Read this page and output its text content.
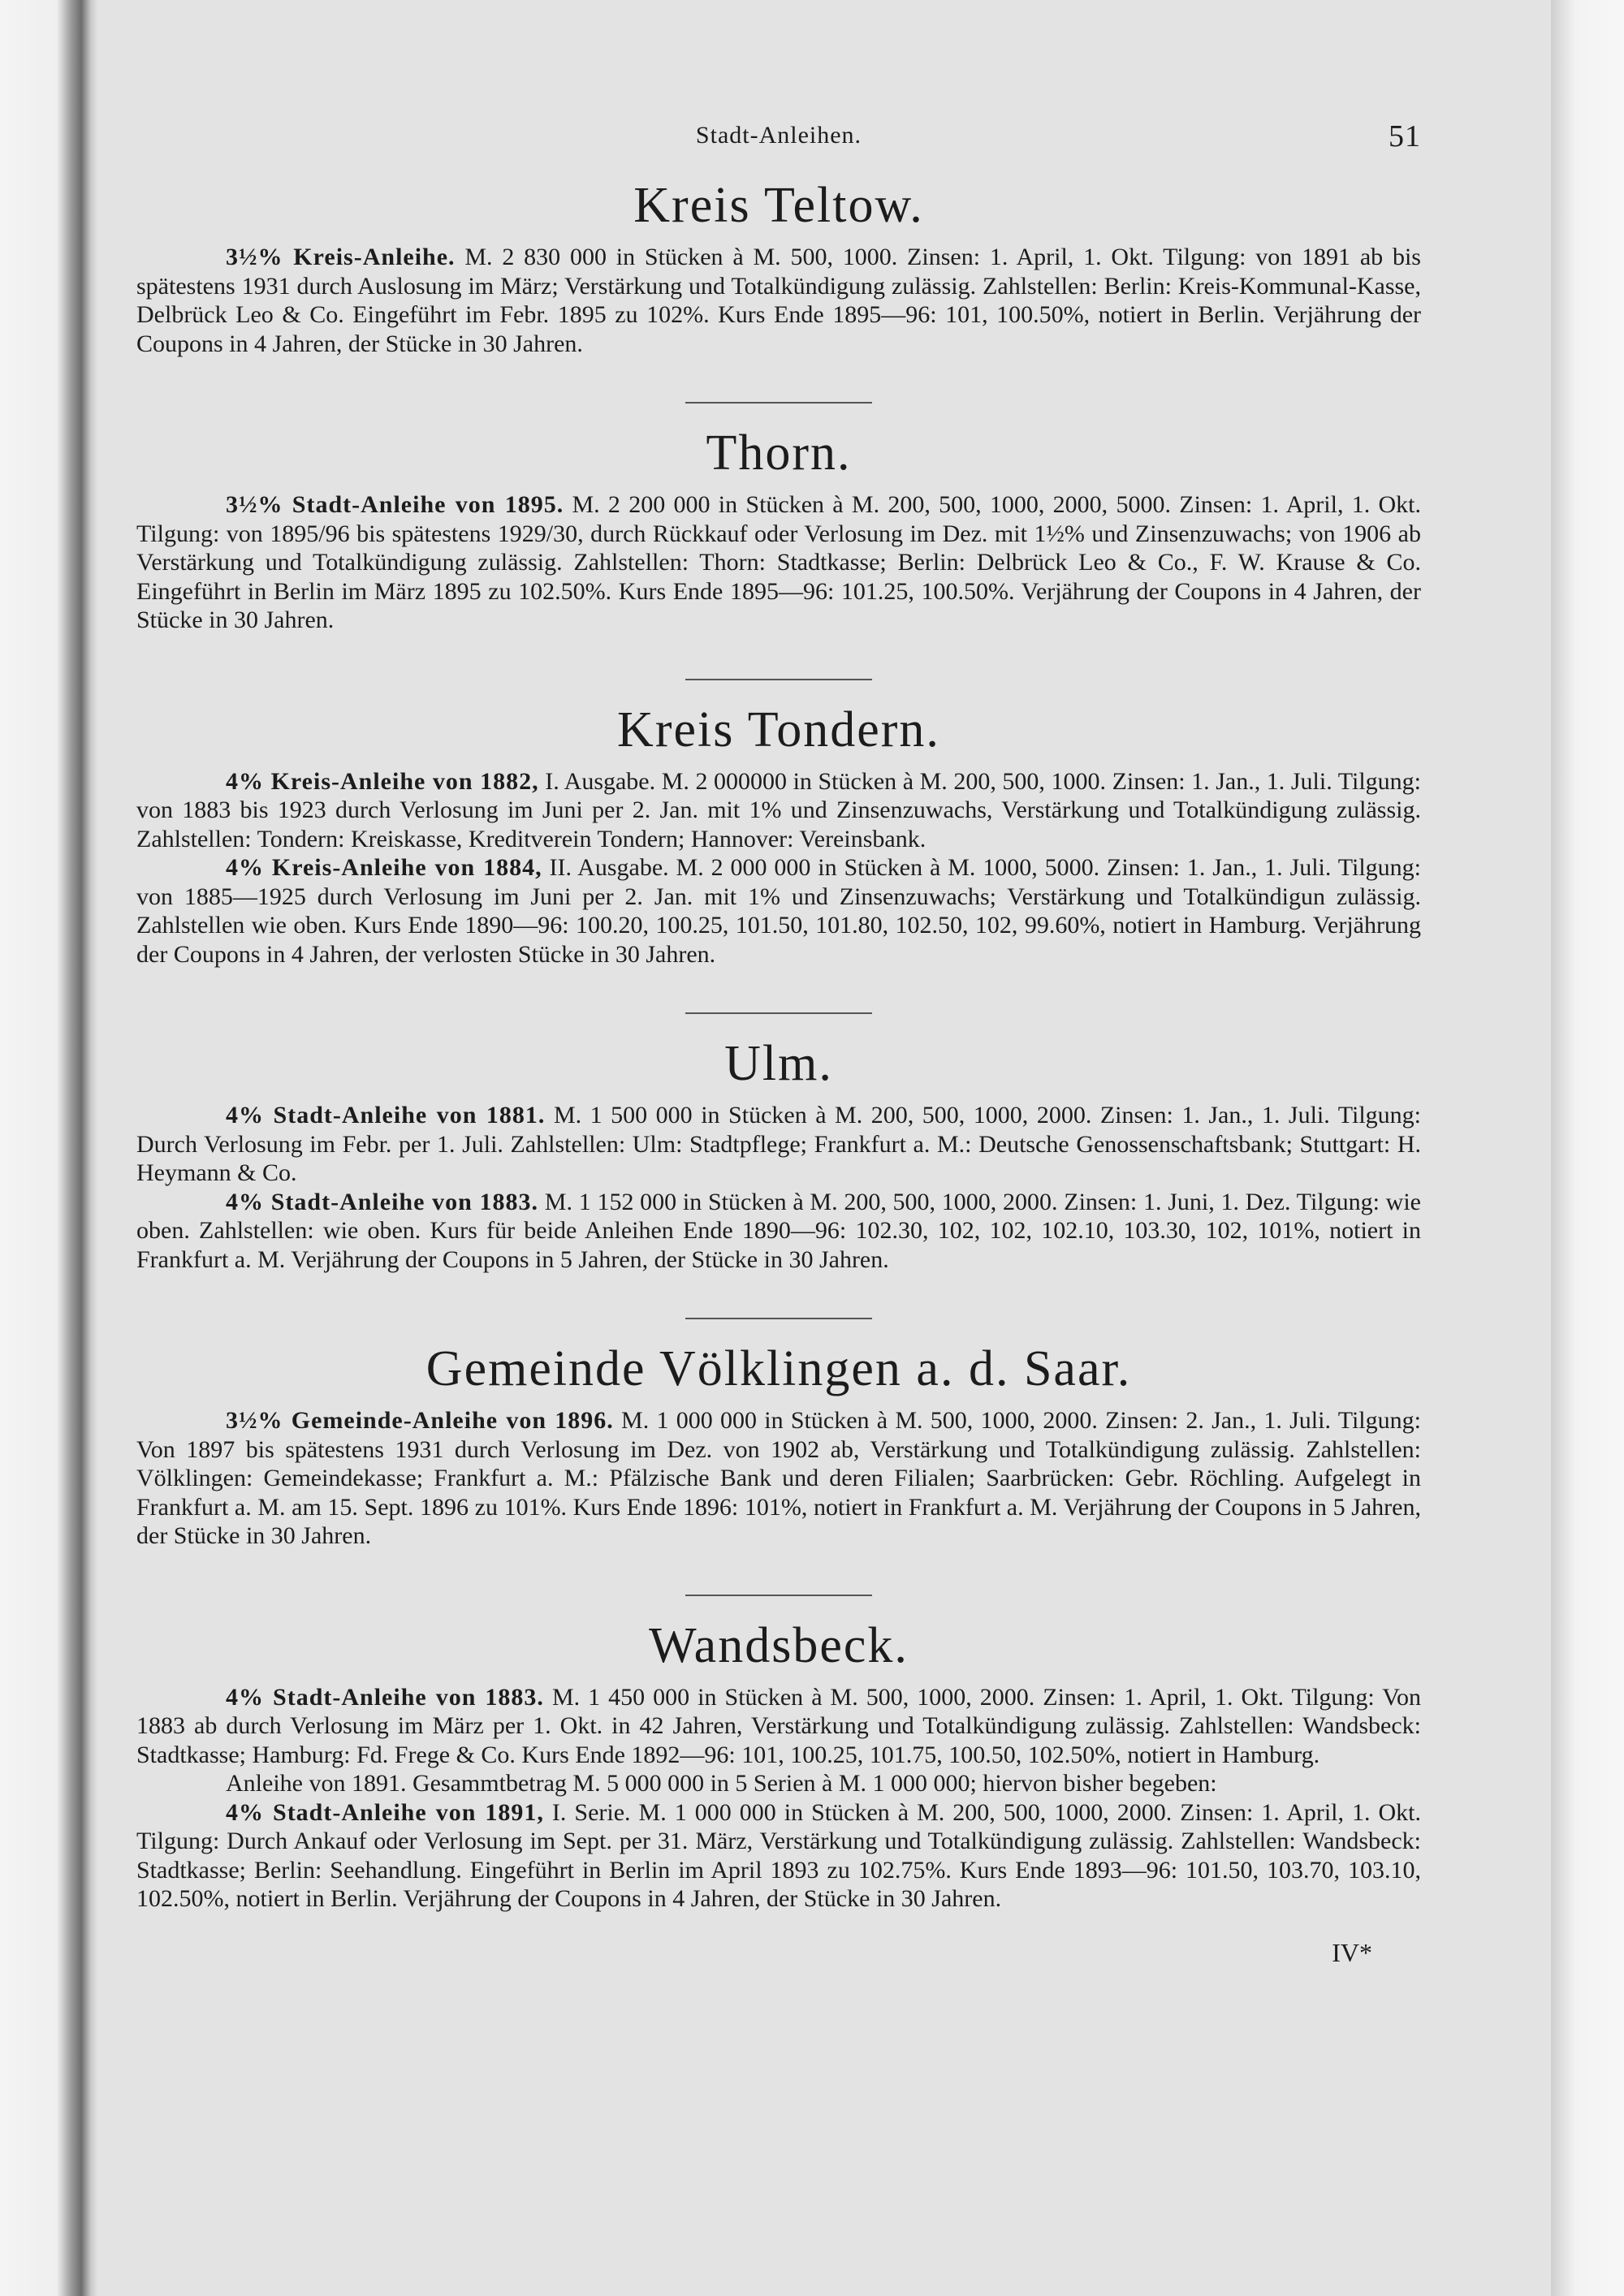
Stadt-Anleihen.	51
Kreis Teltow.

3½% Kreis-Anleihe. M. 2 830 000 in Stücken à M. 500, 1000. Zinsen: 1. April, 1. Okt. Tilgung: von 1891 ab bis spätestens 1931 durch Auslosung im März; Verstärkung und Totalkündigung zulässig. Zahlstellen: Berlin: Kreis-Kommunal-Kasse, Delbrück Leo & Co. Eingeführt im Febr. 1895 zu 102%. Kurs Ende 1895—96: 101, 100.50%, notiert in Berlin. Verjährung der Coupons in 4 Jahren, der Stücke in 30 Jahren.

Thorn.

3½% Stadt-Anleihe von 1895. M. 2 200 000 in Stücken à M. 200, 500, 1000, 2000, 5000. Zinsen: 1. April, 1. Okt. Tilgung: von 1895/96 bis spätestens 1929/30, durch Rückkauf oder Verlosung im Dez. mit 1½% und Zinsenzuwachs; von 1906 ab Verstärkung und Totalkündigung zulässig. Zahlstellen: Thorn: Stadtkasse; Berlin: Delbrück Leo & Co., F. W. Krause & Co. Eingeführt in Berlin im März 1895 zu 102.50%. Kurs Ende 1895—96: 101.25, 100.50%. Verjährung der Coupons in 4 Jahren, der Stücke in 30 Jahren.

Kreis Tondern.

4% Kreis-Anleihe von 1882, I. Ausgabe. M. 2 000000 in Stücken à M. 200, 500, 1000. Zinsen: 1. Jan., 1. Juli. Tilgung: von 1883 bis 1923 durch Verlosung im Juni per 2. Jan. mit 1% und Zinsenzuwachs, Verstärkung und Totalkündigung zulässig. Zahlstellen: Tondern: Kreiskasse, Kreditverein Tondern; Hannover: Vereinsbank.

4% Kreis-Anleihe von 1884, II. Ausgabe. M. 2 000 000 in Stücken à M. 1000, 5000. Zinsen: 1. Jan., 1. Juli. Tilgung: von 1885—1925 durch Verlosung im Juni per 2. Jan. mit 1% und Zinsenzuwachs; Verstärkung und Totalkündigun zulässig. Zahlstellen wie oben. Kurs Ende 1890—96: 100.20, 100.25, 101.50, 101.80, 102.50, 102, 99.60%, notiert in Hamburg. Verjährung der Coupons in 4 Jahren, der verlosten Stücke in 30 Jahren.

Ulm.

4% Stadt-Anleihe von 1881. M. 1 500 000 in Stücken à M. 200, 500, 1000, 2000. Zinsen: 1. Jan., 1. Juli. Tilgung: Durch Verlosung im Febr. per 1. Juli. Zahlstellen: Ulm: Stadtpflege; Frankfurt a. M.: Deutsche Genossenschaftsbank; Stuttgart: H. Heymann & Co.

4% Stadt-Anleihe von 1883. M. 1 152 000 in Stücken à M. 200, 500, 1000, 2000. Zinsen: 1. Juni, 1. Dez. Tilgung: wie oben. Zahlstellen: wie oben. Kurs für beide Anleihen Ende 1890—96: 102.30, 102, 102, 102.10, 103.30, 102, 101%, notiert in Frankfurt a. M. Verjährung der Coupons in 5 Jahren, der Stücke in 30 Jahren.

Gemeinde Völklingen a. d. Saar.

3½% Gemeinde-Anleihe von 1896. M. 1 000 000 in Stücken à M. 500, 1000, 2000. Zinsen: 2. Jan., 1. Juli. Tilgung: Von 1897 bis spätestens 1931 durch Verlosung im Dez. von 1902 ab, Verstärkung und Totalkündigung zulässig. Zahlstellen: Völklingen: Gemeindekasse; Frankfurt a. M.: Pfälzische Bank und deren Filialen; Saarbrücken: Gebr. Röchling. Aufgelegt in Frankfurt a. M. am 15. Sept. 1896 zu 101%. Kurs Ende 1896: 101%, notiert in Frankfurt a. M. Verjährung der Coupons in 5 Jahren, der Stücke in 30 Jahren.

Wandsbeck.

4% Stadt-Anleihe von 1883. M. 1 450 000 in Stücken à M. 500, 1000, 2000. Zinsen: 1. April, 1. Okt. Tilgung: Von 1883 ab durch Verlosung im März per 1. Okt. in 42 Jahren, Verstärkung und Totalkündigung zulässig. Zahlstellen: Wandsbeck: Stadtkasse; Hamburg: Fd. Frege & Co. Kurs Ende 1892—96: 101, 100.25, 101.75, 100.50, 102.50%, notiert in Hamburg.

Anleihe von 1891. Gesammtbetrag M. 5 000 000 in 5 Serien à M. 1 000 000; hiervon bisher begeben:

4% Stadt-Anleihe von 1891, I. Serie. M. 1 000 000 in Stücken à M. 200, 500, 1000, 2000. Zinsen: 1. April, 1. Okt. Tilgung: Durch Ankauf oder Verlosung im Sept. per 31. März, Verstärkung und Totalkündigung zulässig. Zahlstellen: Wandsbeck: Stadtkasse; Berlin: Seehandlung. Eingeführt in Berlin im April 1893 zu 102.75%. Kurs Ende 1893—96: 101.50, 103.70, 103.10, 102.50%, notiert in Berlin. Verjährung der Coupons in 4 Jahren, der Stücke in 30 Jahren.

IV*
